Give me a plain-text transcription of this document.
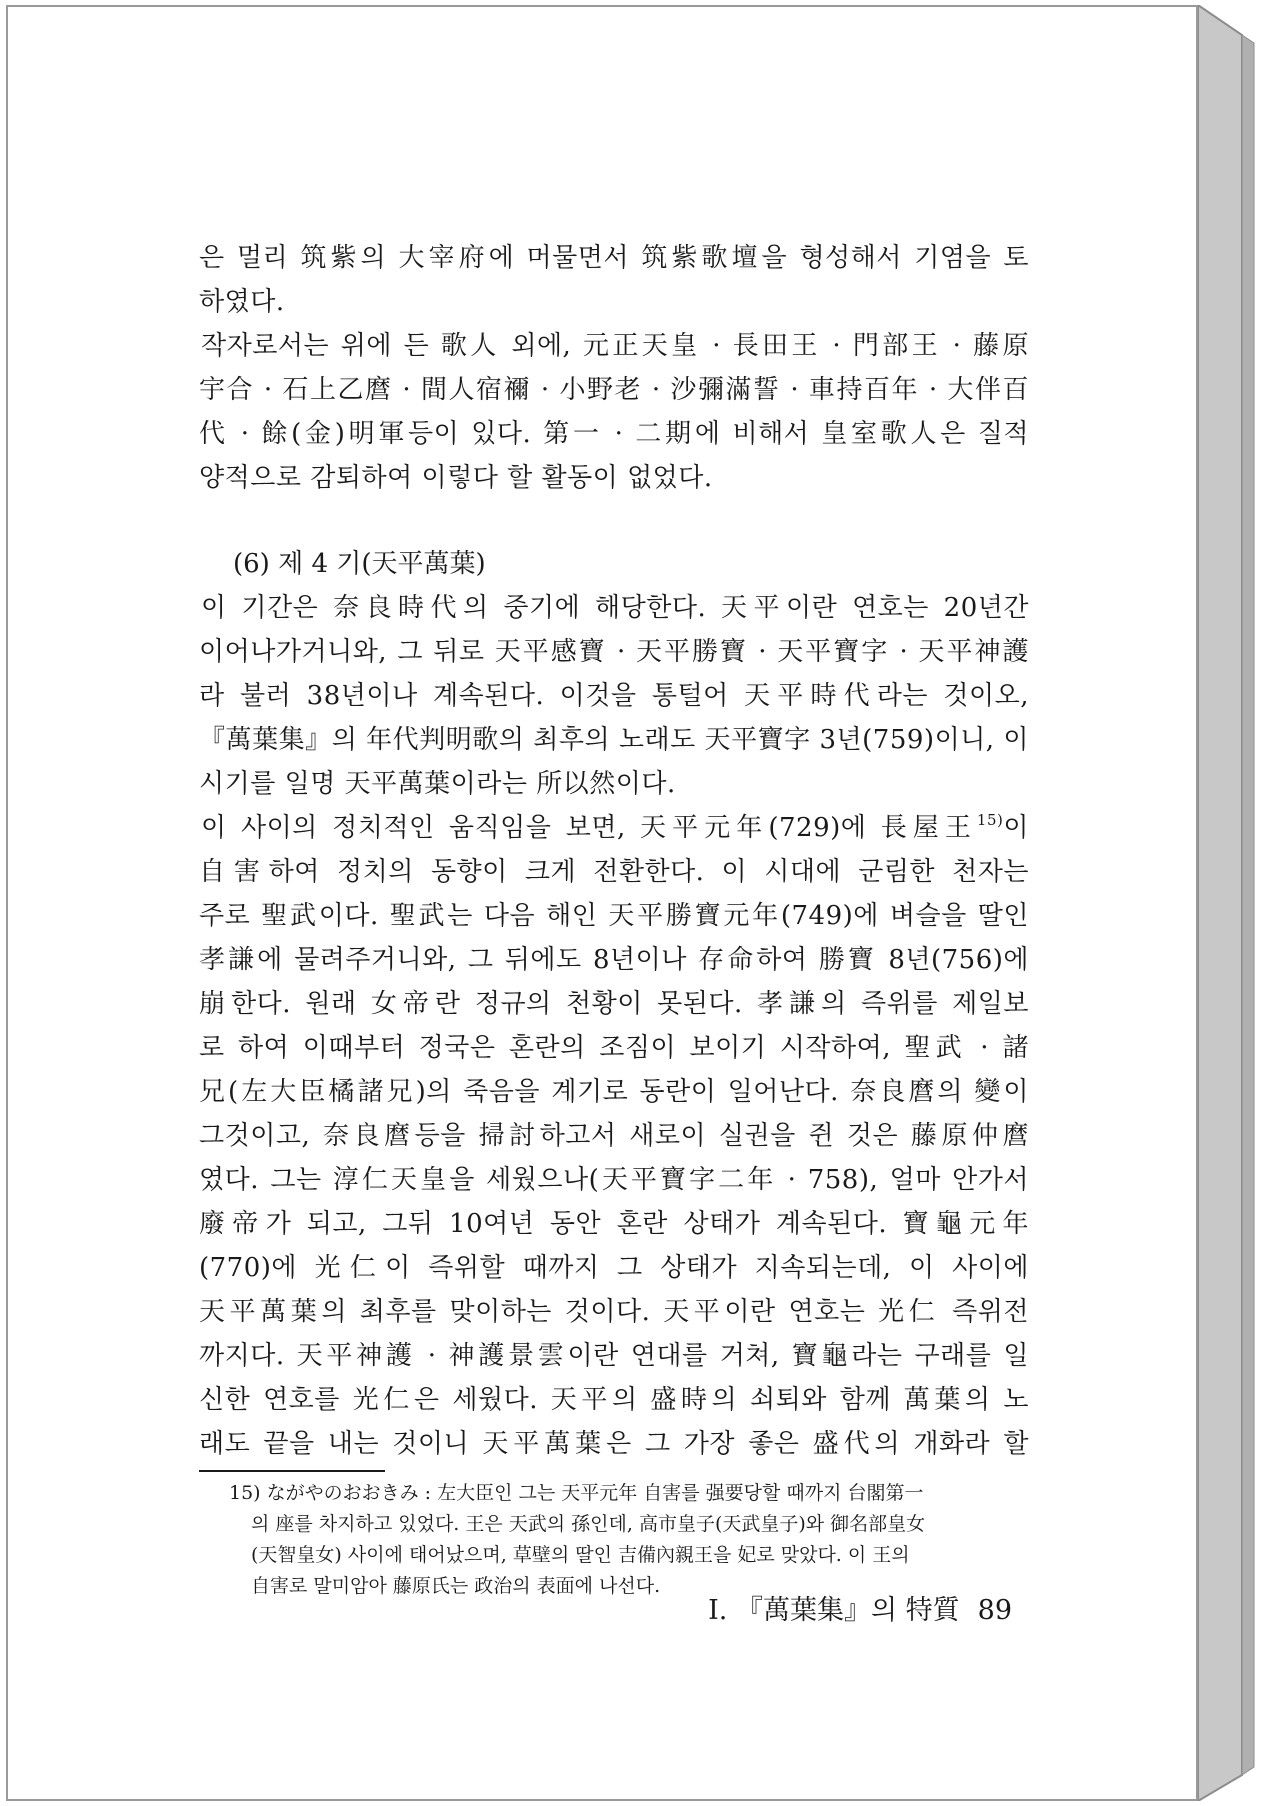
은 멀리 筑紫의 大宰府에 머물면서 筑紫歌壇을 형성해서 기염을 토
하였다.
작자로서는 위에 든 歌人 외에, 元正天皇 · 長田王 · 門部王 · 藤原
宇合 · 石上乙麿 · 間人宿禰 · 小野老 · 沙彌滿誓 · 車持百年 · 大伴百
代 · 餘(金)明軍등이 있다. 第一 · 二期에 비해서 皇室歌人은 질적
양적으로 감퇴하여 이렇다 할 활동이 없었다.
(6) 제 4 기(天平萬葉)
이 기간은 奈良時代의 중기에 해당한다. 天平이란 연호는 20년간
이어나가거니와, 그 뒤로 天平感寶 · 天平勝寶 · 天平寶字 · 天平神護
라 불러 38년이나 계속된다. 이것을 통털어 天平時代라는 것이오,
『萬葉集』의 年代判明歌의 최후의 노래도 天平寶字 3년(759)이니, 이
시기를 일명 天平萬葉이라는 所以然이다.
이 사이의 정치적인 움직임을 보면, 天平元年(729)에 長屋王$^{15)}$이
自害하여 정치의 동향이 크게 전환한다. 이 시대에 군림한 천자는
주로 聖武이다. 聖武는 다음 해인 天平勝寶元年(749)에 벼슬을 딸인
孝謙에 물려주거니와, 그 뒤에도 8년이나 存命하여 勝寶 8년(756)에
崩한다. 원래 女帝란 정규의 천황이 못된다. 孝謙의 즉위를 제일보
로 하여 이때부터 정국은 혼란의 조짐이 보이기 시작하여, 聖武 · 諸
兄(左大臣橘諸兄)의 죽음을 계기로 동란이 일어난다. 奈良麿의 變이
그것이고, 奈良麿등을 掃討하고서 새로이 실권을 쥔 것은 藤原仲麿
였다. 그는 淳仁天皇을 세웠으나(天平寶字二年 · 758), 얼마 안가서
廢帝가 되고, 그뒤 10여년 동안 혼란 상태가 계속된다. 寶龜元年
(770)에 光仁이 즉위할 때까지 그 상태가 지속되는데, 이 사이에
天平萬葉의 최후를 맞이하는 것이다. 天平이란 연호는 光仁 즉위전
까지다. 天平神護 · 神護景雲이란 연대를 거쳐, 寶龜라는 구래를 일
신한 연호를 光仁은 세웠다. 天平의 盛時의 쇠퇴와 함께 萬葉의 노
래도 끝을 내는 것이니 天平萬葉은 그 가장 좋은 盛代의 개화라 할
15) ながやのおおきみ : 左大臣인 그는 天平元年 自害를 强要당할 때까지 台閣第一
의 座를 차지하고 있었다. 王은 天武의 孫인데, 高市皇子(天武皇子)와 御名部皇女
(天智皇女) 사이에 태어났으며, 草壁의 딸인 吉備內親王을 妃로 맞았다. 이 王의
自害로 말미암아 藤原氏는 政治의 表面에 나선다.
I. 『萬葉集』의 特質 89
